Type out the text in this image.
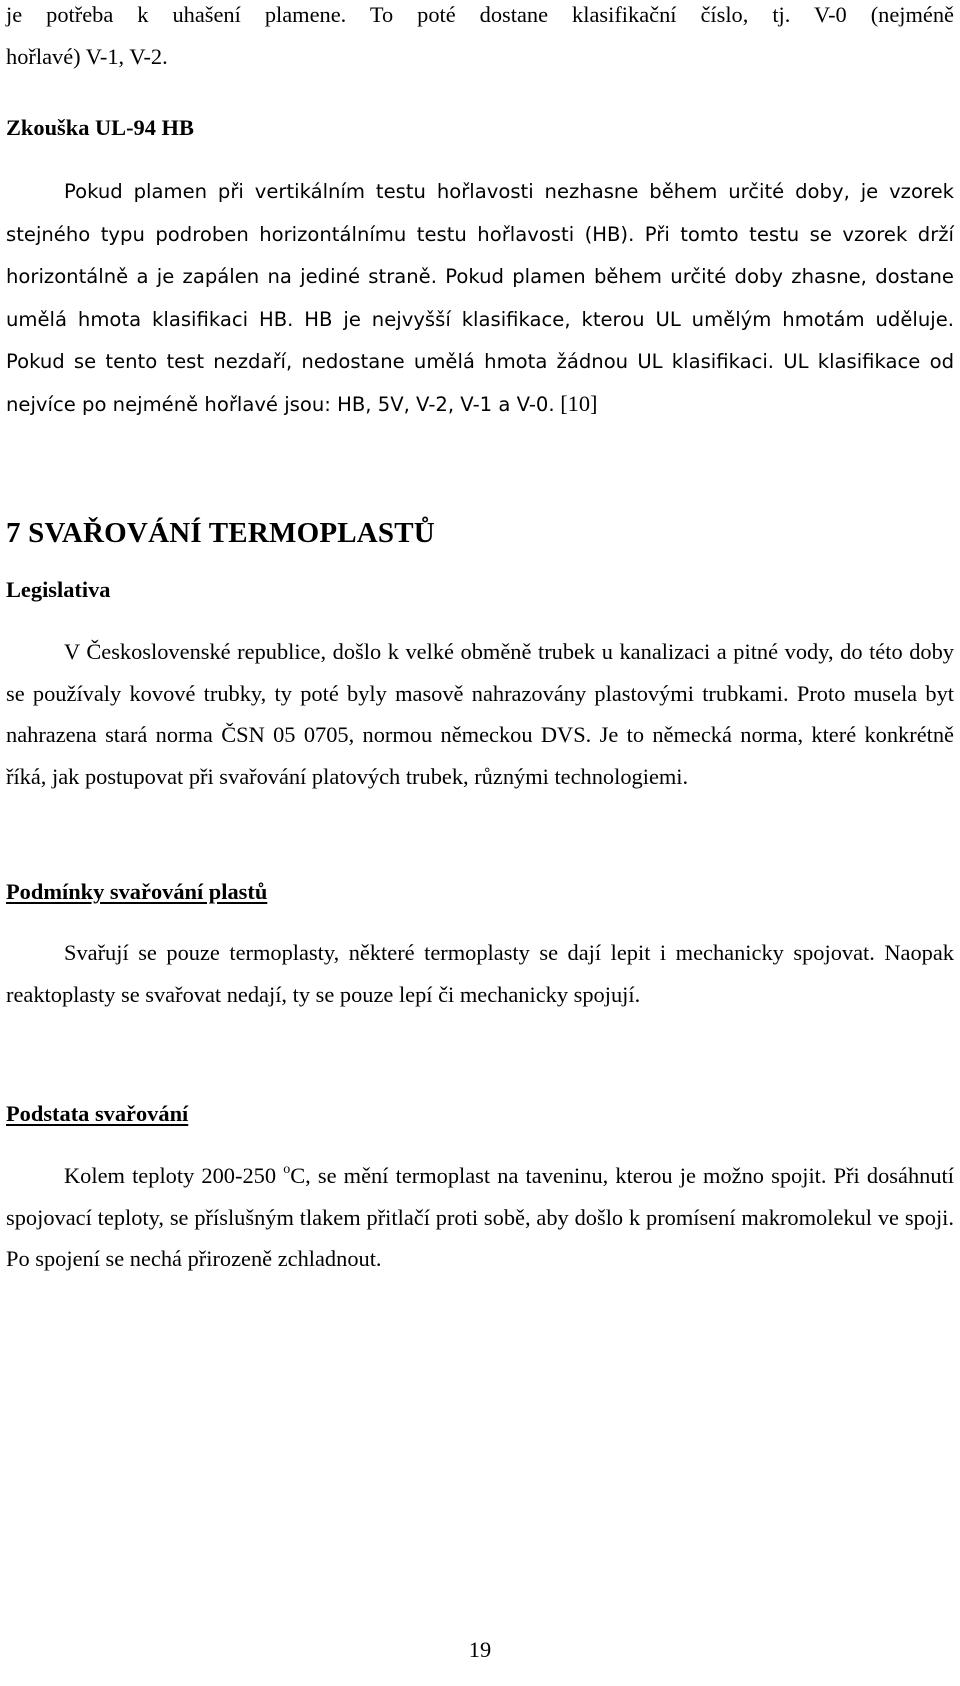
je potřeba k uhašení plamene. To poté dostane klasifikační číslo, tj. V-0 (nejméně

hořlavé) V-1, V-2.

Zkouška UL-94 HB

Pokud plamen při vertikálním testu hořlavosti nezhasne během určité doby, je vzorek stejného typu podroben horizontálnímu testu hořlavosti (HB). Při tomto testu se vzorek drží horizontálně a je zapálen na jediné straně. Pokud plamen během určité doby zhasne, dostane umělá hmota klasifikaci HB. HB je nejvyšší klasifikace, kterou UL umělým hmotám uděluje. Pokud se tento test nezdaří, nedostane umělá hmota žádnou UL klasifikaci. UL klasifikace od nejvíce po nejméně hořlavé jsou: HB, 5V, V-2, V-1 a V-0. [10]

7 SVAŘOVÁNÍ TERMOPLASTŮ
Legislativa

V Československé republice, došlo k velké obměně trubek u kanalizaci a pitné vody, do této doby se používaly kovové trubky, ty poté byly masově nahrazovány plastovými trubkami. Proto musela byt nahrazena stará norma ČSN 05 0705, normou německou DVS. Je to německá norma, které konkrétně říká, jak postupovat při svařování platových trubek, různými technologiemi.

Podmínky svařování plastů

Svařují se pouze termoplasty, některé termoplasty se dají lepit i mechanicky spojovat. Naopak reaktoplasty se svařovat nedají, ty se pouze lepí či mechanicky spojují.

Podstata svařování

Kolem teploty 200-250 $^o$C, se mění termoplast na taveninu, kterou je možno spojit. Při dosáhnutí spojovací teploty, se příslušným tlakem přitlačí proti sobě, aby došlo k promísení makromolekul ve spoji. Po spojení se nechá přirozeně zchladnout.

19
